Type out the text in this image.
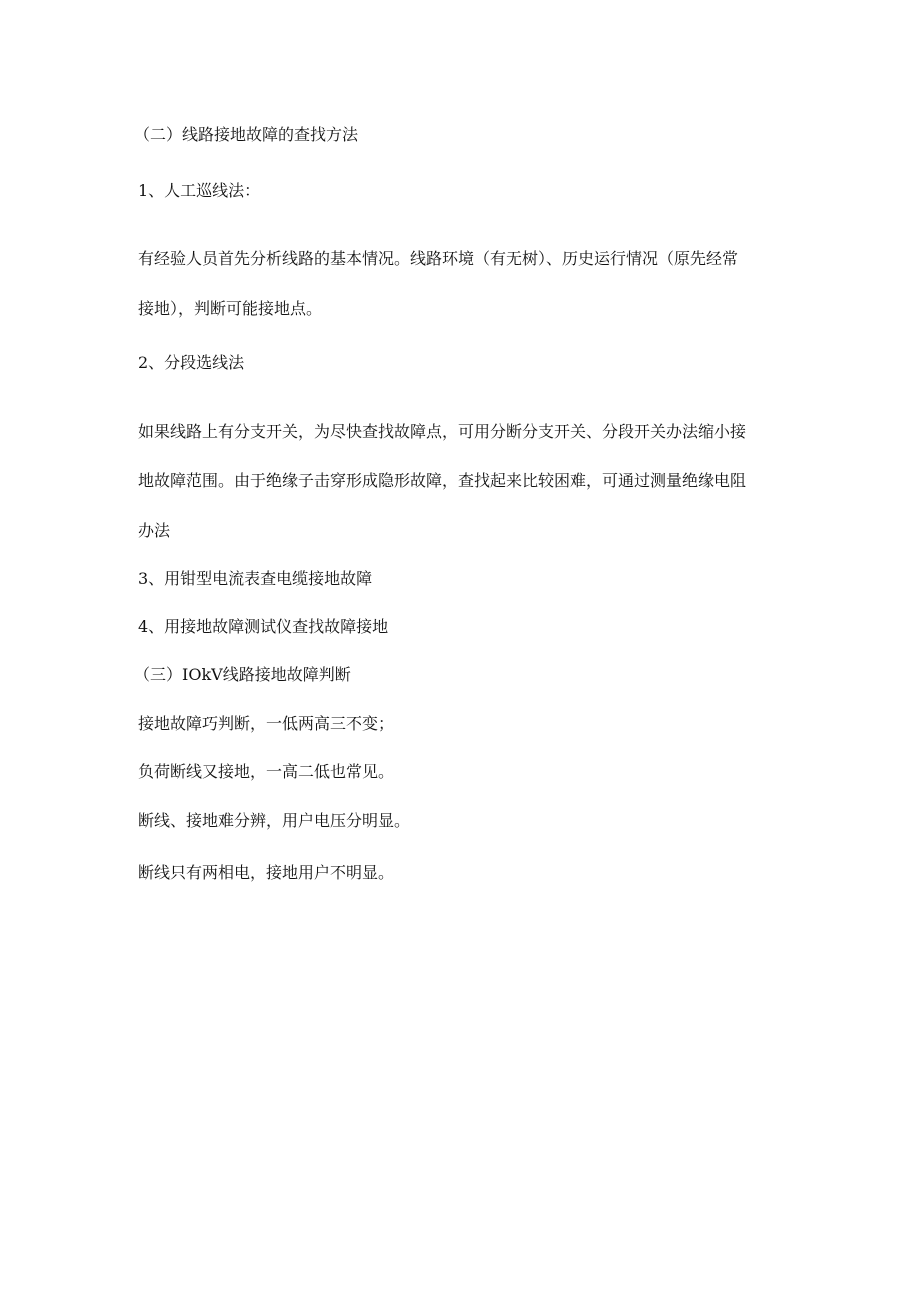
（二）线路接地故障的查找方法
1、人工巡线法：
有经验人员首先分析线路的基本情况。线路环境（有无树）、历史运行情况（原先经常
接地），判断可能接地点。
2、分段选线法
如果线路上有分支开关，为尽快查找故障点，可用分断分支开关、分段开关办法缩小接
地故障范围。由于绝缘子击穿形成隐形故障，查找起来比较困难，可通过测量绝缘电阻
办法
3、用钳型电流表查电缆接地故障
4、用接地故障测试仪查找故障接地
（三）IOkV线路接地故障判断
接地故障巧判断，一低两高三不变；
负荷断线又接地，一高二低也常见。
断线、接地难分辨，用户电压分明显。
断线只有两相电，接地用户不明显。
